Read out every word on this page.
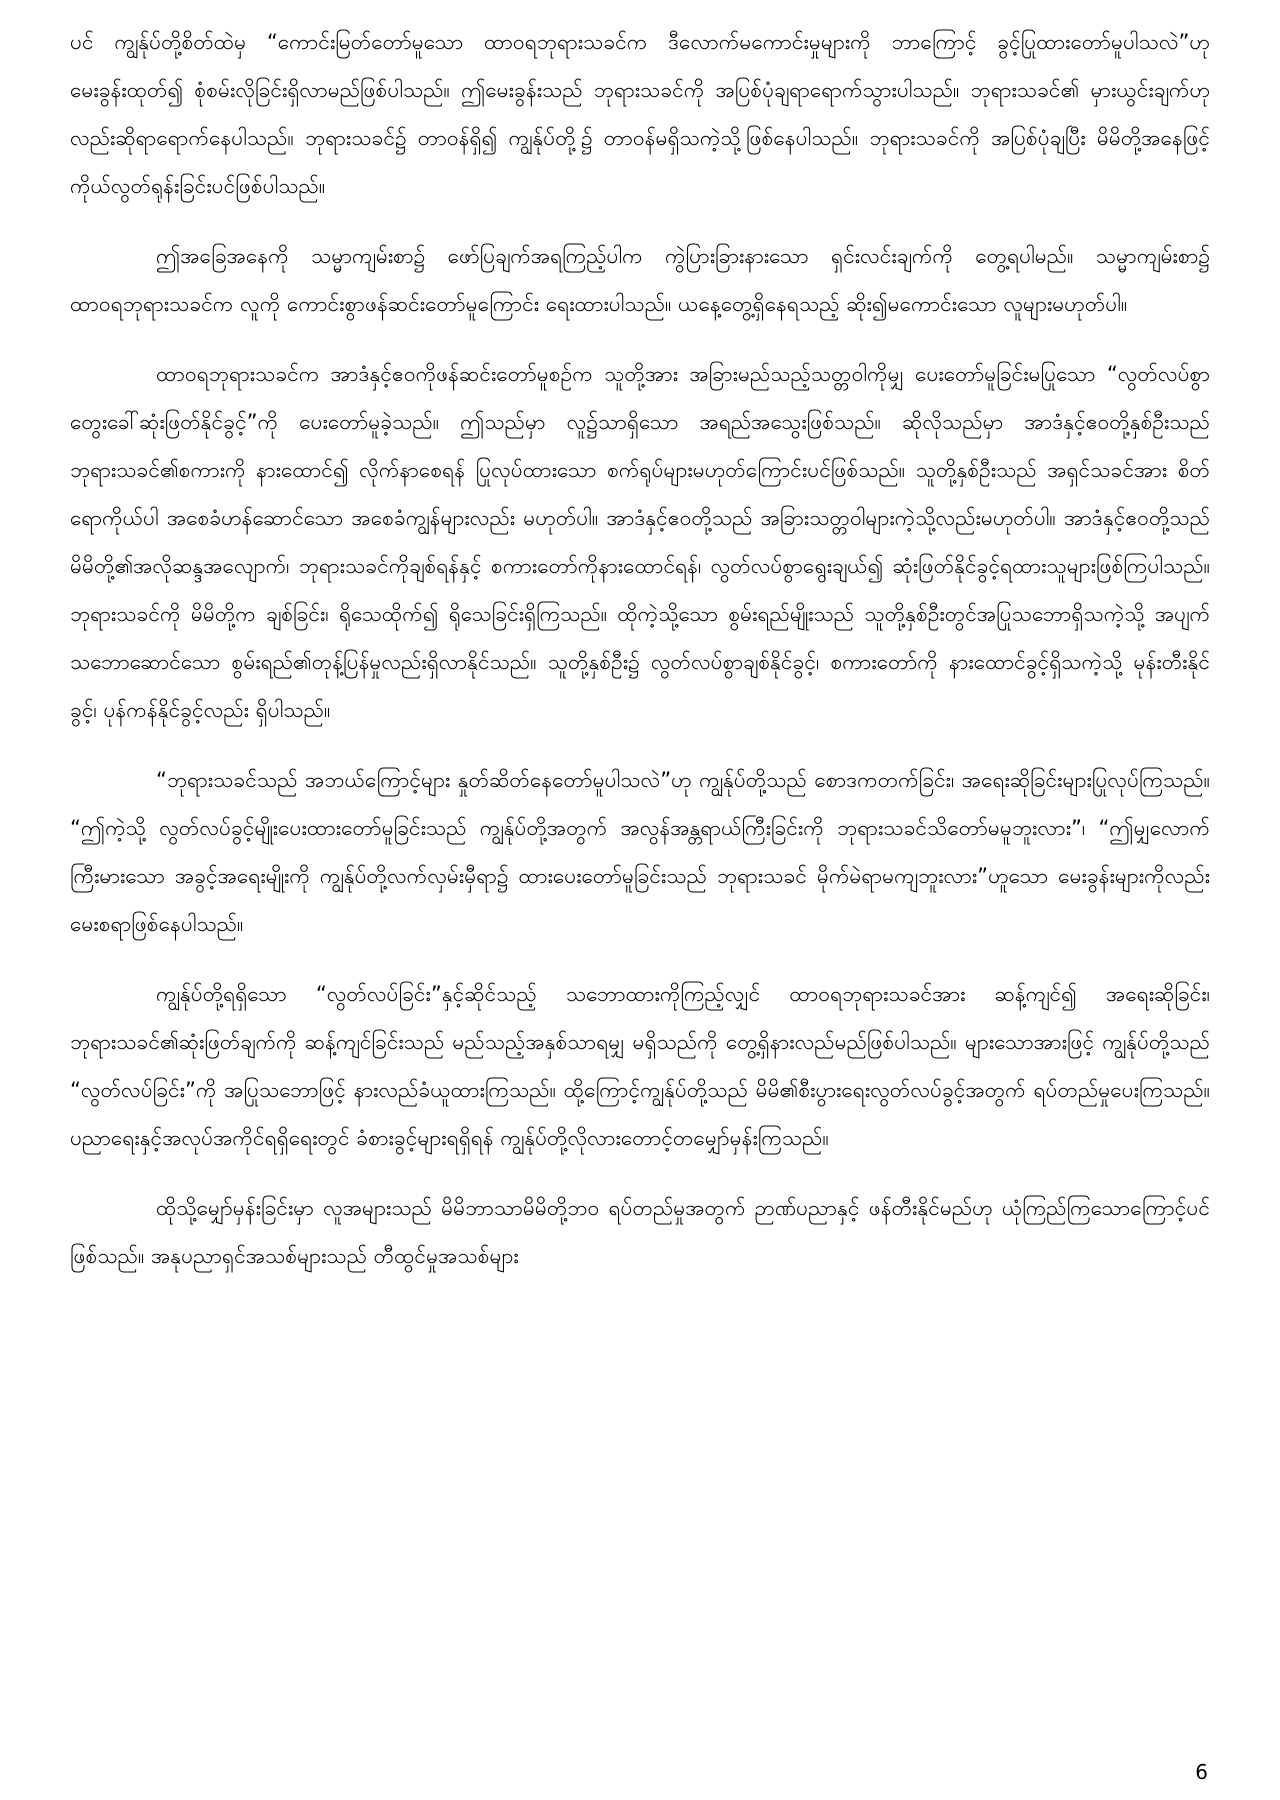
ပင် ကျွန်ုပ်တို့စိတ်ထဲမှ “ကောင်းမြတ်တော်မူသော ထာဝရဘုရားသခင်က ဒီလောက်မကောင်းမှုများကို ဘာကြောင့် ခွင့်ပြုထားတော်မူပါသလဲ”ဟု မေးခွန်းထုတ်၍ စုံစမ်းလိုခြင်းရှိလာမည်ဖြစ်ပါသည်။ ဤမေးခွန်းသည် ဘုရားသခင်ကို အပြစ်ပုံချရာရောက်သွားပါသည်။ ဘုရားသခင်၏ မှားယွင်းချက်ဟုလည်းဆိုရာရောက်နေပါသည်။ ဘုရားသခင်၌ တာဝန်ရှိ၍ ကျွန်ုပ်တို့၌ တာဝန်မရှိသကဲ့သို့ဖြစ်နေပါသည်။ ဘုရားသခင်ကို အပြစ်ပုံချပြီး မိမိတို့အနေဖြင့် ကိုယ်လွတ်ရုန်းခြင်းပင်ဖြစ်ပါသည်။

ဤအခြေအနေကို သမ္မာကျမ်းစာ၌ ဖော်ပြချက်အရကြည့်ပါက ကွဲပြားခြားနားသော ရှင်းလင်းချက်ကို တွေ့ရပါမည်။ သမ္မာကျမ်းစာ၌ ထာဝရဘုရားသခင်က လူကို ကောင်းစွာဖန်ဆင်းတော်မူကြောင်း ရေးထားပါသည်။ ယနေ့တွေ့ရှိနေရသည့် ဆိုး၍မကောင်းသော လူများမဟုတ်ပါ။

ထာဝရဘုရားသခင်က အာဒံနှင့်ဧဝကိုဖန်ဆင်းတော်မူစဉ်က သူတို့အား အခြားမည်သည့်သတ္တဝါကိုမျှ ပေးတော်မူခြင်းမပြုသော “လွတ်လပ်စွာ တွေးခေါ်ဆုံးဖြတ်နိုင်ခွင့်”ကို ပေးတော်မူခဲ့သည်။ ဤသည်မှာ လူ၌သာရှိသော အရည်အသွေးဖြစ်သည်။ ဆိုလိုသည်မှာ အာဒံနှင့်ဧဝတို့နှစ်ဦးသည် ဘုရားသခင်၏စကားကို နားထောင်၍ လိုက်နာစေရန် ပြုလုပ်ထားသော စက်ရုပ်များမဟုတ်ကြောင်းပင်ဖြစ်သည်။ သူတို့နှစ်ဦးသည် အရှင်သခင်အား စိတ်ရောကိုယ်ပါ အစေခံဟန်ဆောင်သော အစေခံကျွန်များလည်း မဟုတ်ပါ။ အာဒံနှင့်ဧဝတို့သည် အခြားသတ္တဝါများကဲ့သို့လည်းမဟုတ်ပါ။ အာဒံနှင့်ဧဝတို့သည် မိမိတို့၏အလိုဆန္ဒအလျောက်၊ ဘုရားသခင်ကိုချစ်ရန်နှင့် စကားတော်ကိုနားထောင်ရန်၊ လွတ်လပ်စွာရွေးချယ်၍ ဆုံးဖြတ်နိုင်ခွင့်ရထားသူများဖြစ်ကြပါသည်။ ဘုရားသခင်ကို မိမိတို့က ချစ်ခြင်း၊ ရိုသေထိုက်၍ ရိုသေခြင်းရှိကြသည်။ ထိုကဲ့သို့သော စွမ်းရည်မျိုးသည် သူတို့နှစ်ဦးတွင်အပြုသဘောရှိသကဲ့သို့ အပျက်သဘောဆောင်သော စွမ်းရည်၏တုန့်ပြန်မှုလည်းရှိလာနိုင်သည်။ သူတို့နှစ်ဦး၌ လွတ်လပ်စွာချစ်နိုင်ခွင့်၊ စကားတော်ကို နားထောင်ခွင့်ရှိသကဲ့သို့ မုန်းတီးနိုင်ခွင့်၊ ပုန်ကန်နိုင်ခွင့်လည်း ရှိပါသည်။

“ဘုရားသခင်သည် အဘယ်ကြောင့်များ နှုတ်ဆိတ်နေတော်မူပါသလဲ”ဟု ကျွန်ုပ်တို့သည် စောဒကတက်ခြင်း၊ အရေးဆိုခြင်းများပြုလုပ်ကြသည်။ “ဤကဲ့သို့ လွတ်လပ်ခွင့်မျိုးပေးထားတော်မူခြင်းသည် ကျွန်ုပ်တို့အတွက် အလွန်အန္တရာယ်ကြီးခြင်းကို ဘုရားသခင်သိတော်မမူဘူးလား”၊ “ဤမျှလောက် ကြီးမားသော အခွင့်အရေးမျိုးကို ကျွန်ုပ်တို့လက်လှမ်းမှီရာ၌ ထားပေးတော်မူခြင်းသည် ဘုရားသခင် မိုက်မဲရာမကျဘူးလား”ဟူသော မေးခွန်းများကိုလည်း မေးစရာဖြစ်နေပါသည်။

ကျွန်ုပ်တို့ရရှိသော “လွတ်လပ်ခြင်း”နှင့်ဆိုင်သည့် သဘောထားကိုကြည့်လျှင် ထာဝရဘုရားသခင်အား ဆန့်ကျင်၍ အရေးဆိုခြင်း၊ ဘုရားသခင်၏ဆုံးဖြတ်ချက်ကို ဆန့်ကျင်ခြင်းသည် မည်သည့်အနှစ်သာရမျှ မရှိသည်ကို တွေ့ရှိနားလည်မည်ဖြစ်ပါသည်။ များသောအားဖြင့် ကျွန်ုပ်တို့သည် “လွတ်လပ်ခြင်း”ကို အပြုသဘောဖြင့် နားလည်ခံယူထားကြသည်။ ထို့ကြောင့်ကျွန်ုပ်တို့သည် မိမိ၏စီးပွားရေးလွတ်လပ်ခွင့်အတွက် ရပ်တည်မှုပေးကြသည်။ ပညာရေးနှင့်အလုပ်အကိုင်ရရှိရေးတွင် ခံစားခွင့်များရရှိရန် ကျွန်ုပ်တို့လိုလားတောင့်တမျှော်မှန်းကြသည်။

ထိုသို့မျှော်မှန်းခြင်းမှာ လူအများသည် မိမိဘာသာမိမိတို့ဘဝ ရပ်တည်မှုအတွက် ဉာဏ်ပညာနှင့် ဖန်တီးနိုင်မည်ဟု ယုံကြည်ကြသောကြောင့်ပင်ဖြစ်သည်။ အနုပညာရှင်အသစ်များသည် တီထွင်မှုအသစ်များ

6
